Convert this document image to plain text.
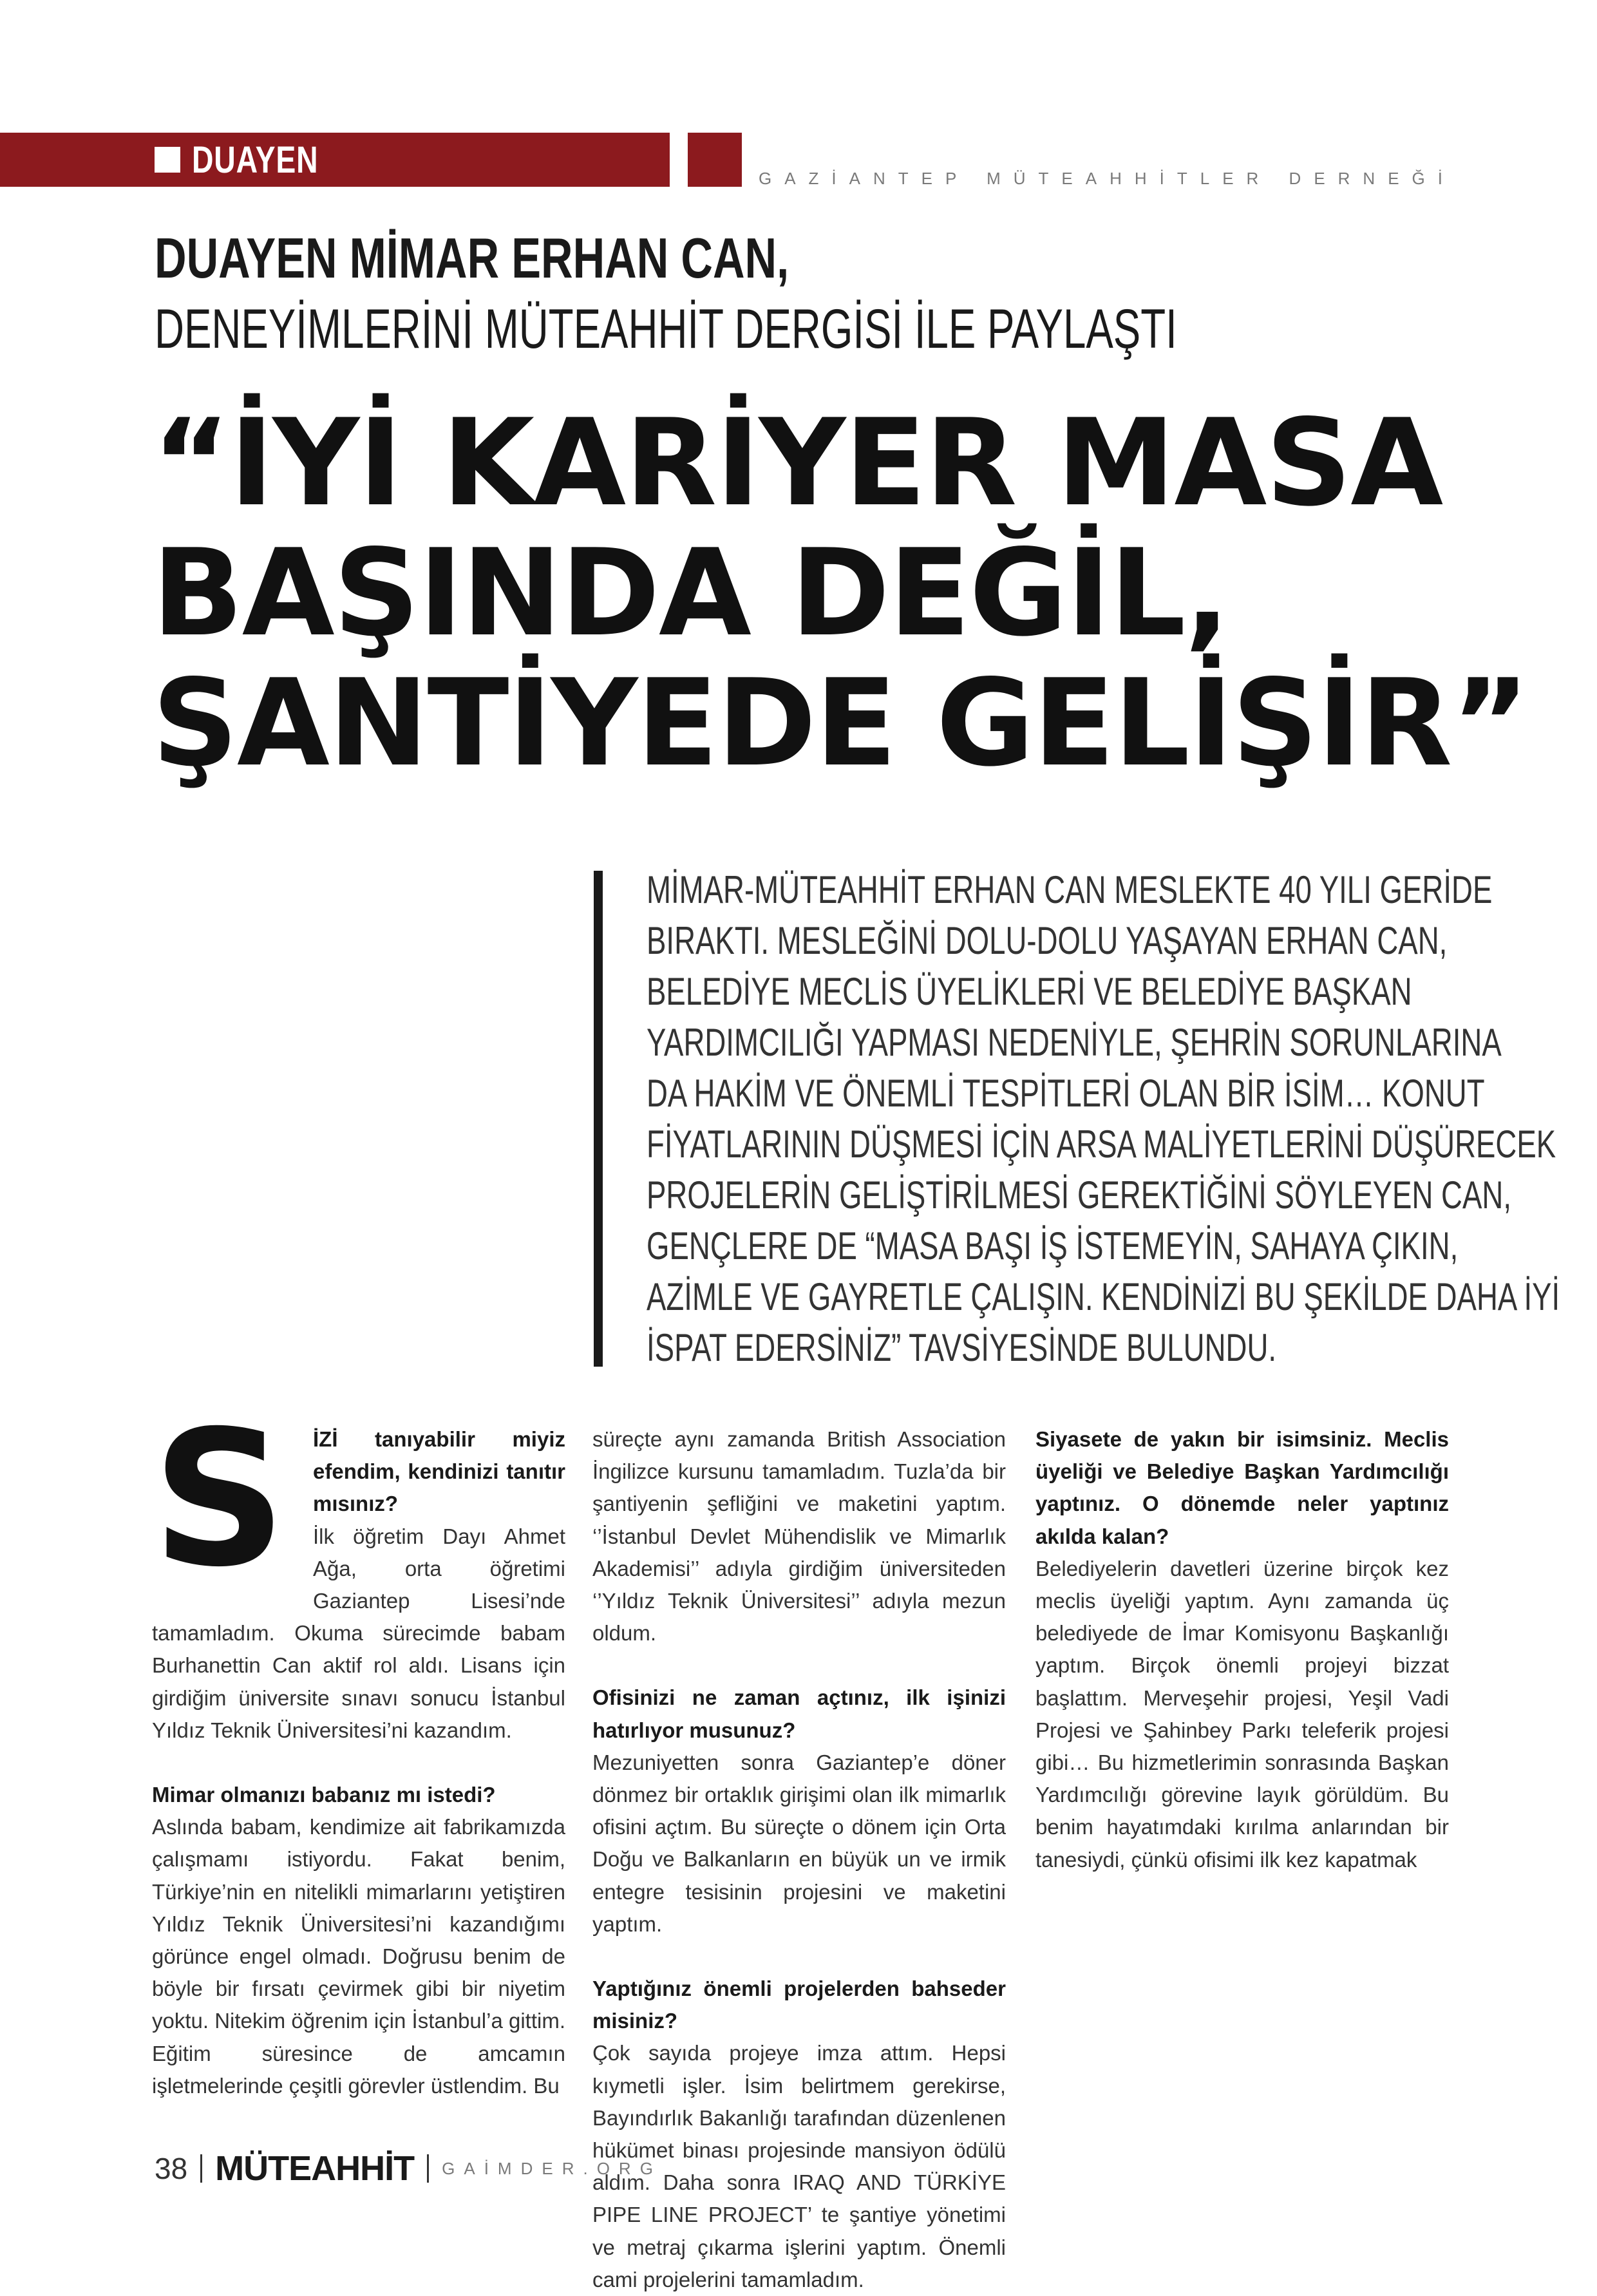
DUAYEN	GAZİANTEP MÜTEAHHİTLER DERNEĞİ
DUAYEN MİMAR ERHAN CAN,
DENEYİMLERİNİ MÜTEAHHİT DERGİSİ İLE PAYLAŞTI
“İYİ KARİYER MASA
BAŞINDA DEĞİL,
ŞANTİYEDE GELİŞİR”
MİMAR-MÜTEAHHİT ERHAN CAN MESLEKTE 40 YILI GERİDE
BIRAKTI. MESLEĞİNİ DOLU-DOLU YAŞAYAN ERHAN CAN,
BELEDİYE MECLİS ÜYELİKLERİ VE BELEDİYE BAŞKAN
YARDIMCILIĞI YAPMASI NEDENİYLE, ŞEHRİN SORUNLARINA
DA HAKİM VE ÖNEMLİ TESPİTLERİ OLAN BİR İSİM… KONUT
FİYATLARININ DÜŞMESİ İÇİN ARSA MALİYETLERİNİ DÜŞÜRECEK
PROJELERİN GELİŞTİRİLMESİ GEREKTİĞİNİ SÖYLEYEN CAN,
GENÇLERE DE “MASA BAŞI İŞ İSTEMEYİN, SAHAYA ÇIKIN,
AZİMLE VE GAYRETLE ÇALIŞIN. KENDİNİZİ BU ŞEKİLDE DAHA İYİ
İSPAT EDERSİNİZ” TAVSİYESİNDE BULUNDU.
S	İZİ tanıyabilir miyiz efendim, kendinizi tanıtır mısınız?

İlk öğretim Dayı Ahmet Ağa, orta öğretimi Gaziantep Lisesi’nde tamamladım. Okuma sürecimde babam Burhanettin Can aktif rol aldı. Lisans için girdiğim üniversite sınavı sonucu İstanbul Yıldız Teknik Üniversitesi’ni kazandım.

Mimar olmanızı babanız mı istedi?

Aslında babam, kendimize ait fabrikamızda çalışmamı istiyordu. Fakat benim, Türkiye’nin en nitelikli mimarlarını yetiştiren Yıldız Teknik Üniversitesi’ni kazandığımı görünce engel olmadı. Doğrusu benim de böyle bir fırsatı çevirmek gibi bir niyetim yoktu. Nitekim öğrenim için İstanbul’a gittim. Eğitim süresince de amcamın işletmelerinde çeşitli görevler üstlendim. Bu

süreçte aynı zamanda British Association İngilizce kursunu tamamladım. Tuzla’da bir şantiyenin şefliğini ve maketini yaptım. ‘’İstanbul Devlet Mühendislik ve Mimarlık Akademisi’’ adıyla girdiğim üniversiteden ‘’Yıldız Teknik Üniversitesi’’ adıyla mezun oldum.

Ofisinizi ne zaman açtınız, ilk işinizi hatırlıyor musunuz?

Mezuniyetten sonra Gaziantep’e döner dönmez bir ortaklık girişimi olan ilk mimarlık ofisini açtım. Bu süreçte o dönem için Orta Doğu ve Balkanların en büyük un ve irmik entegre tesisinin projesini ve maketini yaptım.

Yaptığınız önemli projelerden bahseder misiniz?

Çok sayıda projeye imza attım. Hepsi kıymetli işler. İsim belirtmem gerekirse, Bayındırlık Bakanlığı tarafından düzenlenen hükümet binası projesinde mansiyon ödülü aldım. Daha sonra IRAQ AND TÜRKİYE PIPE LINE PROJECT’ te şantiye yönetimi ve metraj çıkarma işlerini yaptım. Önemli cami projelerini tamamladım.

Siyasete de yakın bir isimsiniz. Meclis üyeliği ve Belediye Başkan Yardımcılığı yaptınız. O dönemde neler yaptınız akılda kalan?

Belediyelerin davetleri üzerine birçok kez meclis üyeliği yaptım. Aynı zamanda üç belediyede de İmar Komisyonu Başkanlığı yaptım. Birçok önemli projeyi bizzat başlattım. Merveşehir projesi, Yeşil Vadi Projesi ve Şahinbey Parkı teleferik projesi gibi… Bu hizmetlerimin sonrasında Başkan Yardımcılığı görevine layık görüldüm. Bu benim hayatımdaki kırılma anlarından bir tanesiydi, çünkü ofisimi ilk kez kapatmak

38 MÜTEAHHİT GAİMDER.ORG
